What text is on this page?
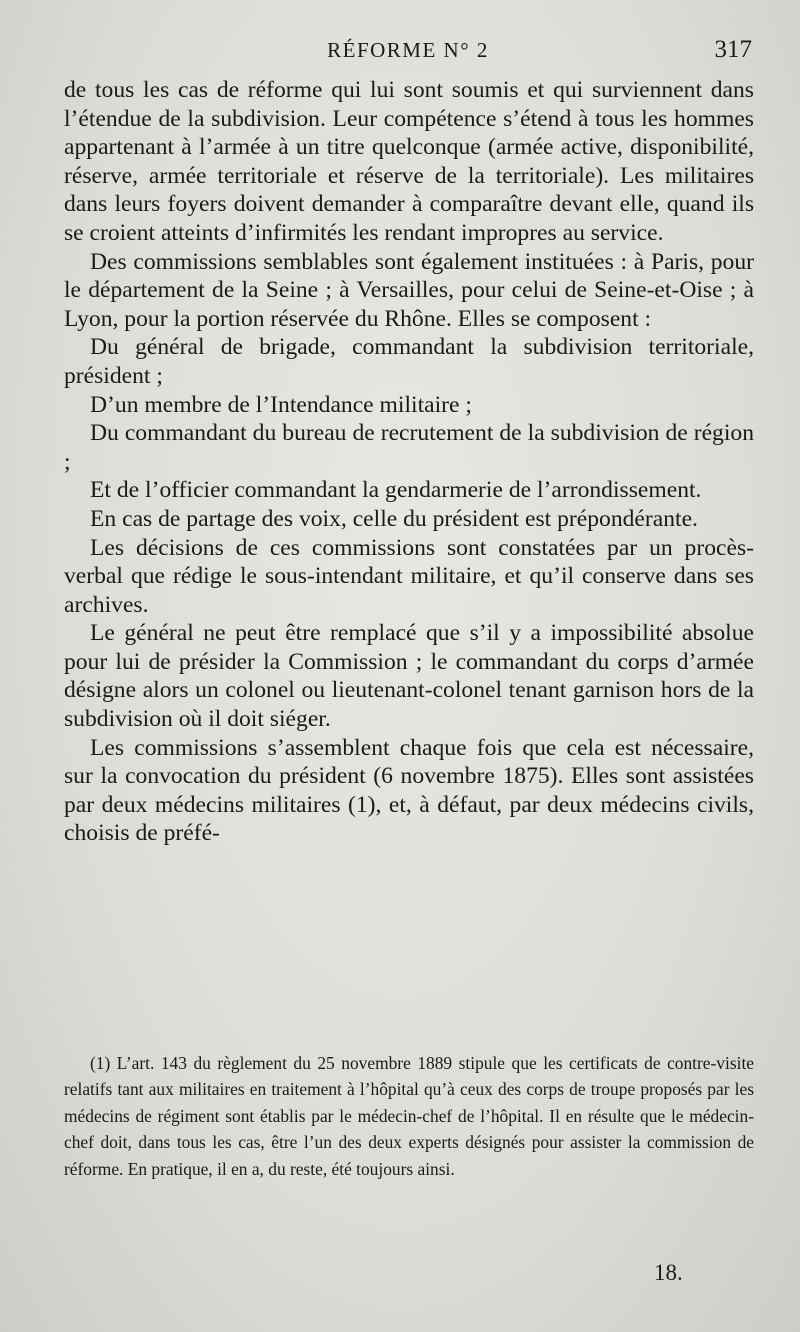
RÉFORME N° 2	317

de tous les cas de réforme qui lui sont soumis et qui surviennent dans l’étendue de la subdivision. Leur compétence s’étend à tous les hommes appartenant à l’armée à un titre quelconque (armée active, disponibilité, réserve, armée territoriale et réserve de la territoriale). Les militaires dans leurs foyers doivent demander à comparaître devant elle, quand ils se croient atteints d’infirmités les rendant impropres au service.

Des commissions semblables sont également instituées : à Paris, pour le département de la Seine ; à Versailles, pour celui de Seine-et-Oise ; à Lyon, pour la portion réservée du Rhône. Elles se composent :

Du général de brigade, commandant la subdivision territoriale, président ;

D’un membre de l’Intendance militaire ;

Du commandant du bureau de recrutement de la subdivision de région ;

Et de l’officier commandant la gendarmerie de l’arrondissement.

En cas de partage des voix, celle du président est prépondérante.

Les décisions de ces commissions sont constatées par un procès-verbal que rédige le sous-intendant militaire, et qu’il conserve dans ses archives.

Le général ne peut être remplacé que s’il y a impossibilité absolue pour lui de présider la Commission ; le commandant du corps d’armée désigne alors un colonel ou lieutenant-colonel tenant garnison hors de la subdivision où il doit siéger.

Les commissions s’assemblent chaque fois que cela est nécessaire, sur la convocation du président (6 novembre 1875). Elles sont assistées par deux médecins militaires (1), et, à défaut, par deux médecins civils, choisis de préfé-

(1) L’art. 143 du règlement du 25 novembre 1889 stipule que les certificats de contre-visite relatifs tant aux militaires en traitement à l’hôpital qu’à ceux des corps de troupe proposés par les médecins de régiment sont établis par le médecin-chef de l’hôpital. Il en résulte que le médecin-chef doit, dans tous les cas, être l’un des deux experts désignés pour assister la commission de réforme. En pratique, il en a, du reste, été toujours ainsi.

18.
